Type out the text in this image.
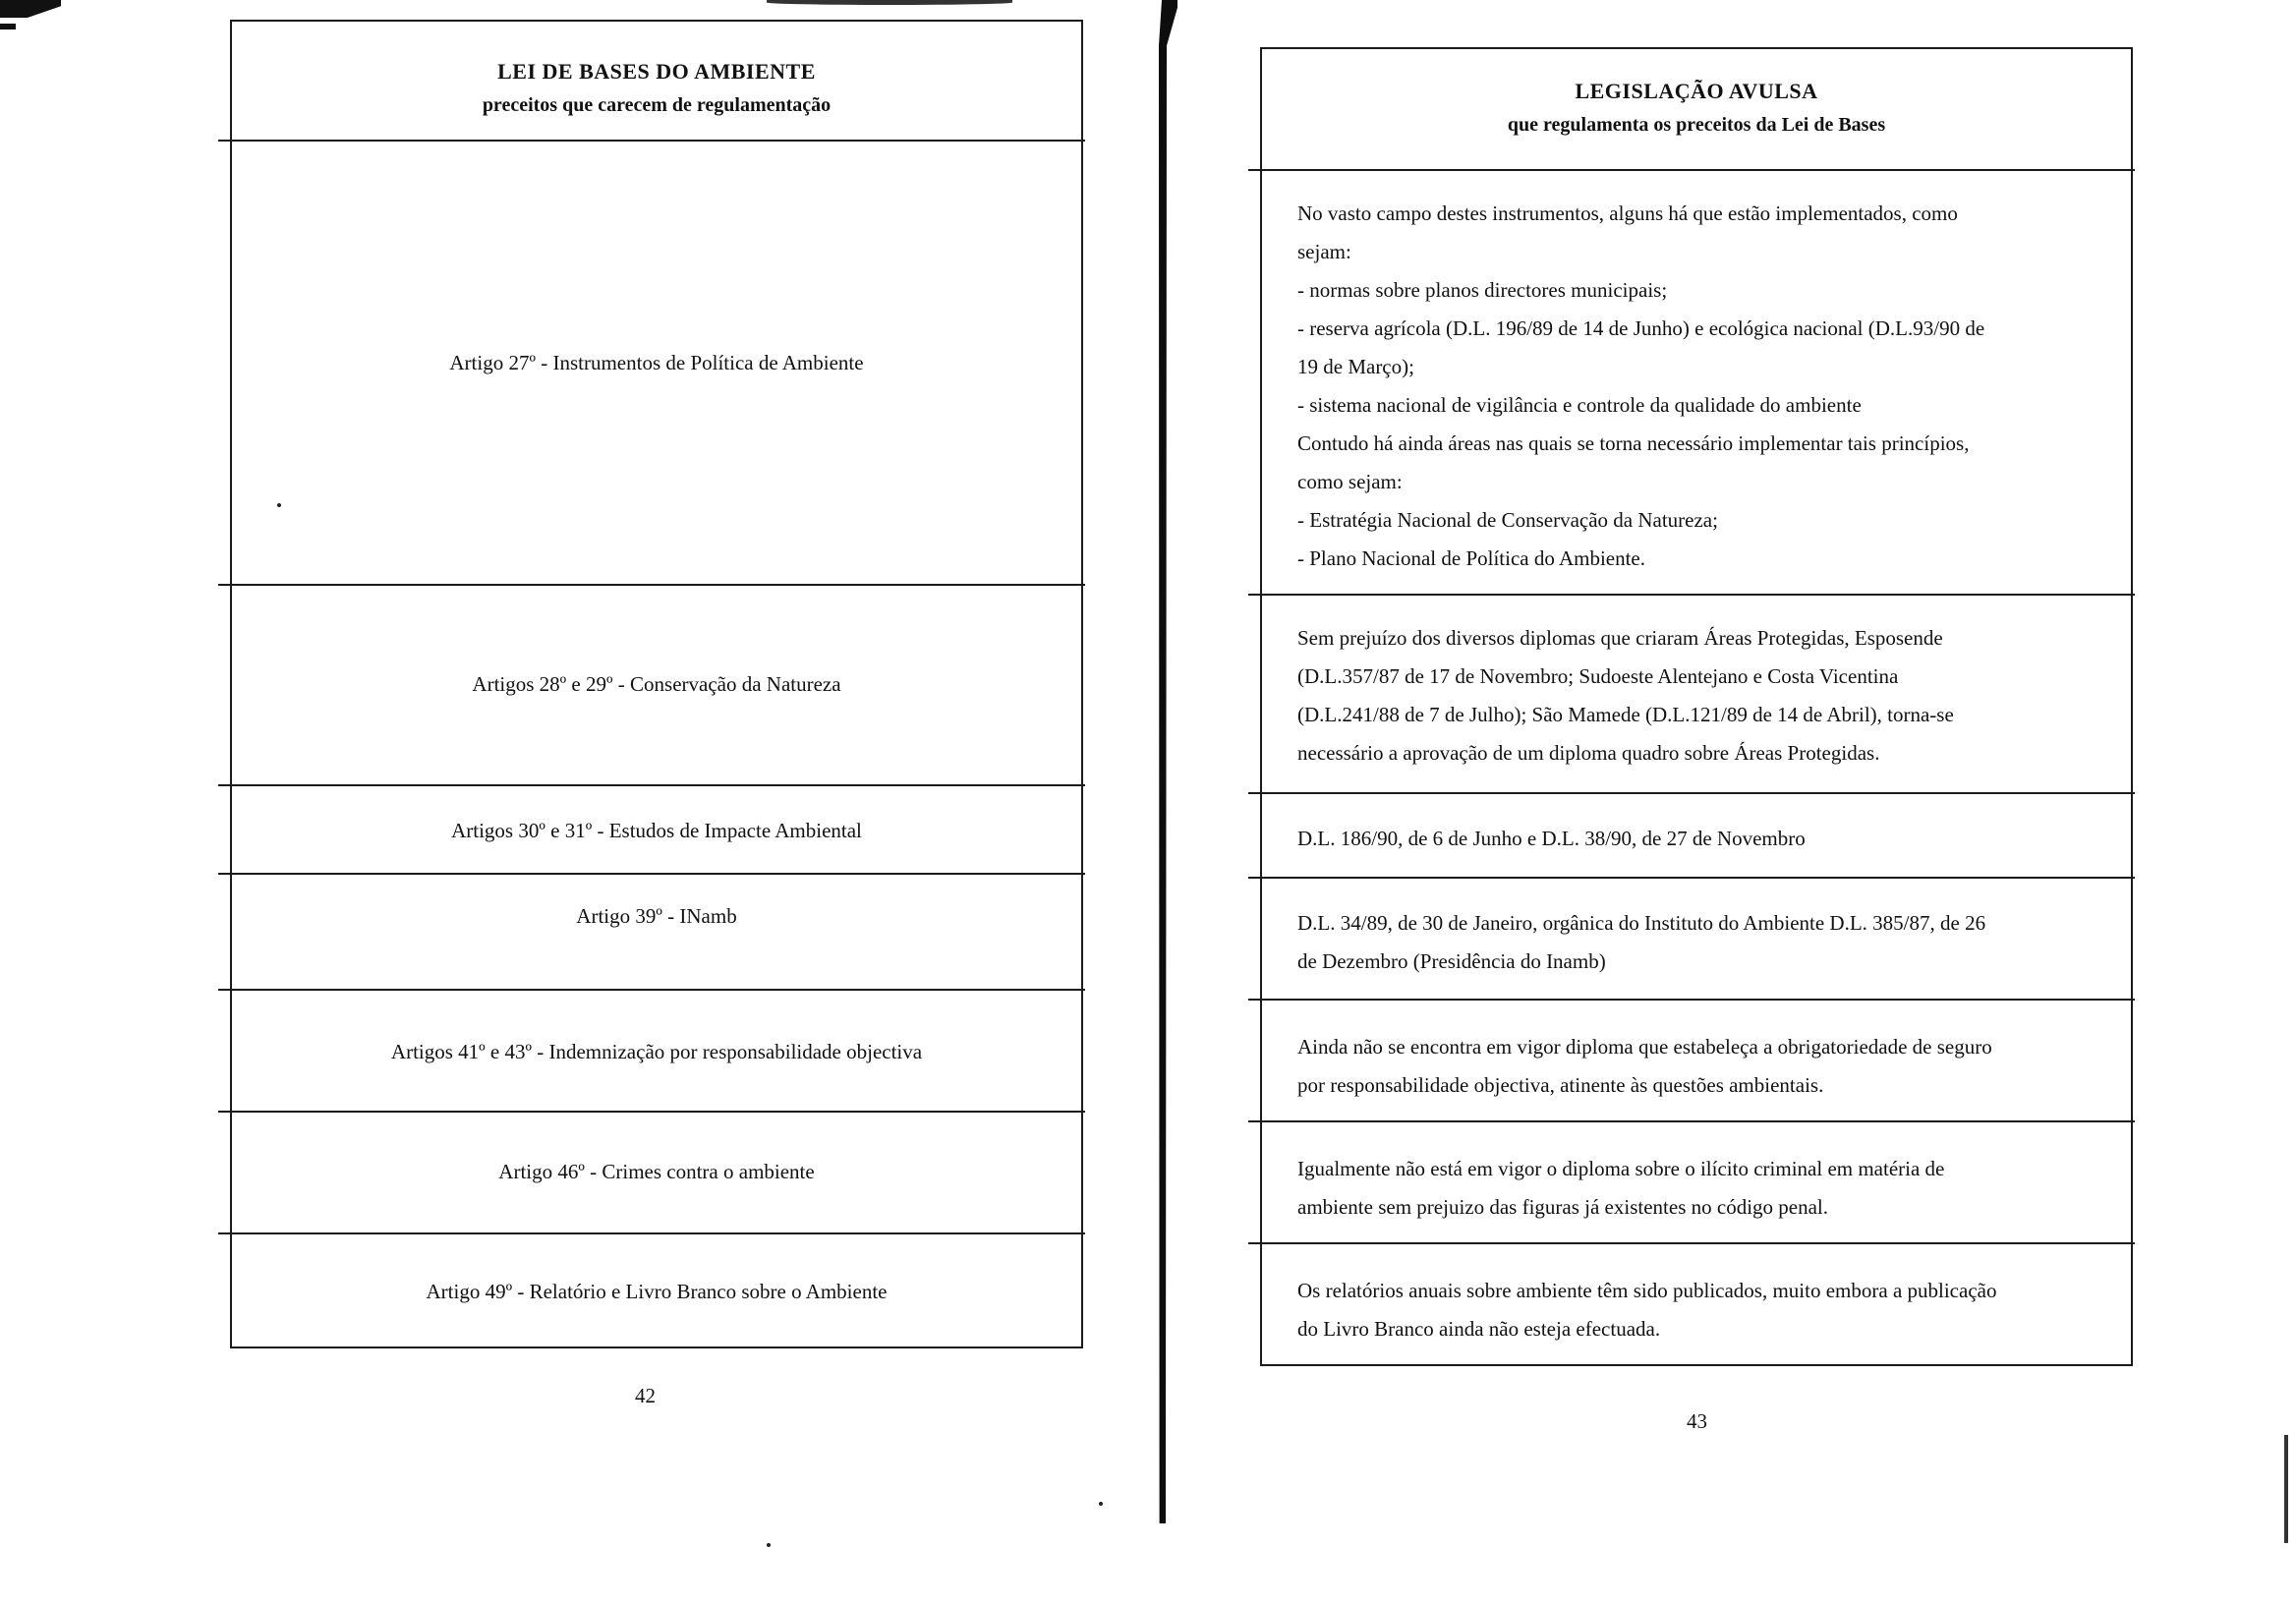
LEI DE BASES DO AMBIENTE
preceitos que carecem de regulamentação
Artigo 27º - Instrumentos de Política de Ambiente
Artigos 28º e 29º - Conservação da Natureza
Artigos 30º e 31º - Estudos de Impacte Ambiental
Artigo 39º - INamb
Artigos 41º e 43º - Indemnização por responsabilidade objectiva
Artigo 46º - Crimes contra o ambiente
Artigo 49º - Relatório e Livro Branco sobre o Ambiente
42
LEGISLAÇÃO AVULSA
que regulamenta os preceitos da Lei de Bases

No vasto campo destes instrumentos, alguns há que estão implementados, como

sejam:

- normas sobre planos directores municipais;

- reserva agrícola (D.L. 196/89 de 14 de Junho) e ecológica nacional (D.L.93/90 de

19 de Março);

- sistema nacional de vigilância e controle da qualidade do ambiente

Contudo há ainda áreas nas quais se torna necessário implementar tais princípios,

como sejam:

- Estratégia Nacional de Conservação da Natureza;

- Plano Nacional de Política do Ambiente.

Sem prejuízo dos diversos diplomas que criaram Áreas Protegidas, Esposende

(D.L.357/87 de 17 de Novembro; Sudoeste Alentejano e Costa Vicentina

(D.L.241/88 de 7 de Julho); São Mamede (D.L.121/89 de 14 de Abril), torna-se

necessário a aprovação de um diploma quadro sobre Áreas Protegidas.

D.L. 186/90, de 6 de Junho e D.L. 38/90, de 27 de Novembro

D.L. 34/89, de 30 de Janeiro, orgânica do Instituto do Ambiente D.L. 385/87, de 26

de Dezembro (Presidência do Inamb)

Ainda não se encontra em vigor diploma que estabeleça a obrigatoriedade de seguro

por responsabilidade objectiva, atinente às questões ambientais.

Igualmente não está em vigor o diploma sobre o ilícito criminal em matéria de

ambiente sem prejuizo das figuras já existentes no código penal.

Os relatórios anuais sobre ambiente têm sido publicados, muito embora a publicação

do Livro Branco ainda não esteja efectuada.

43
